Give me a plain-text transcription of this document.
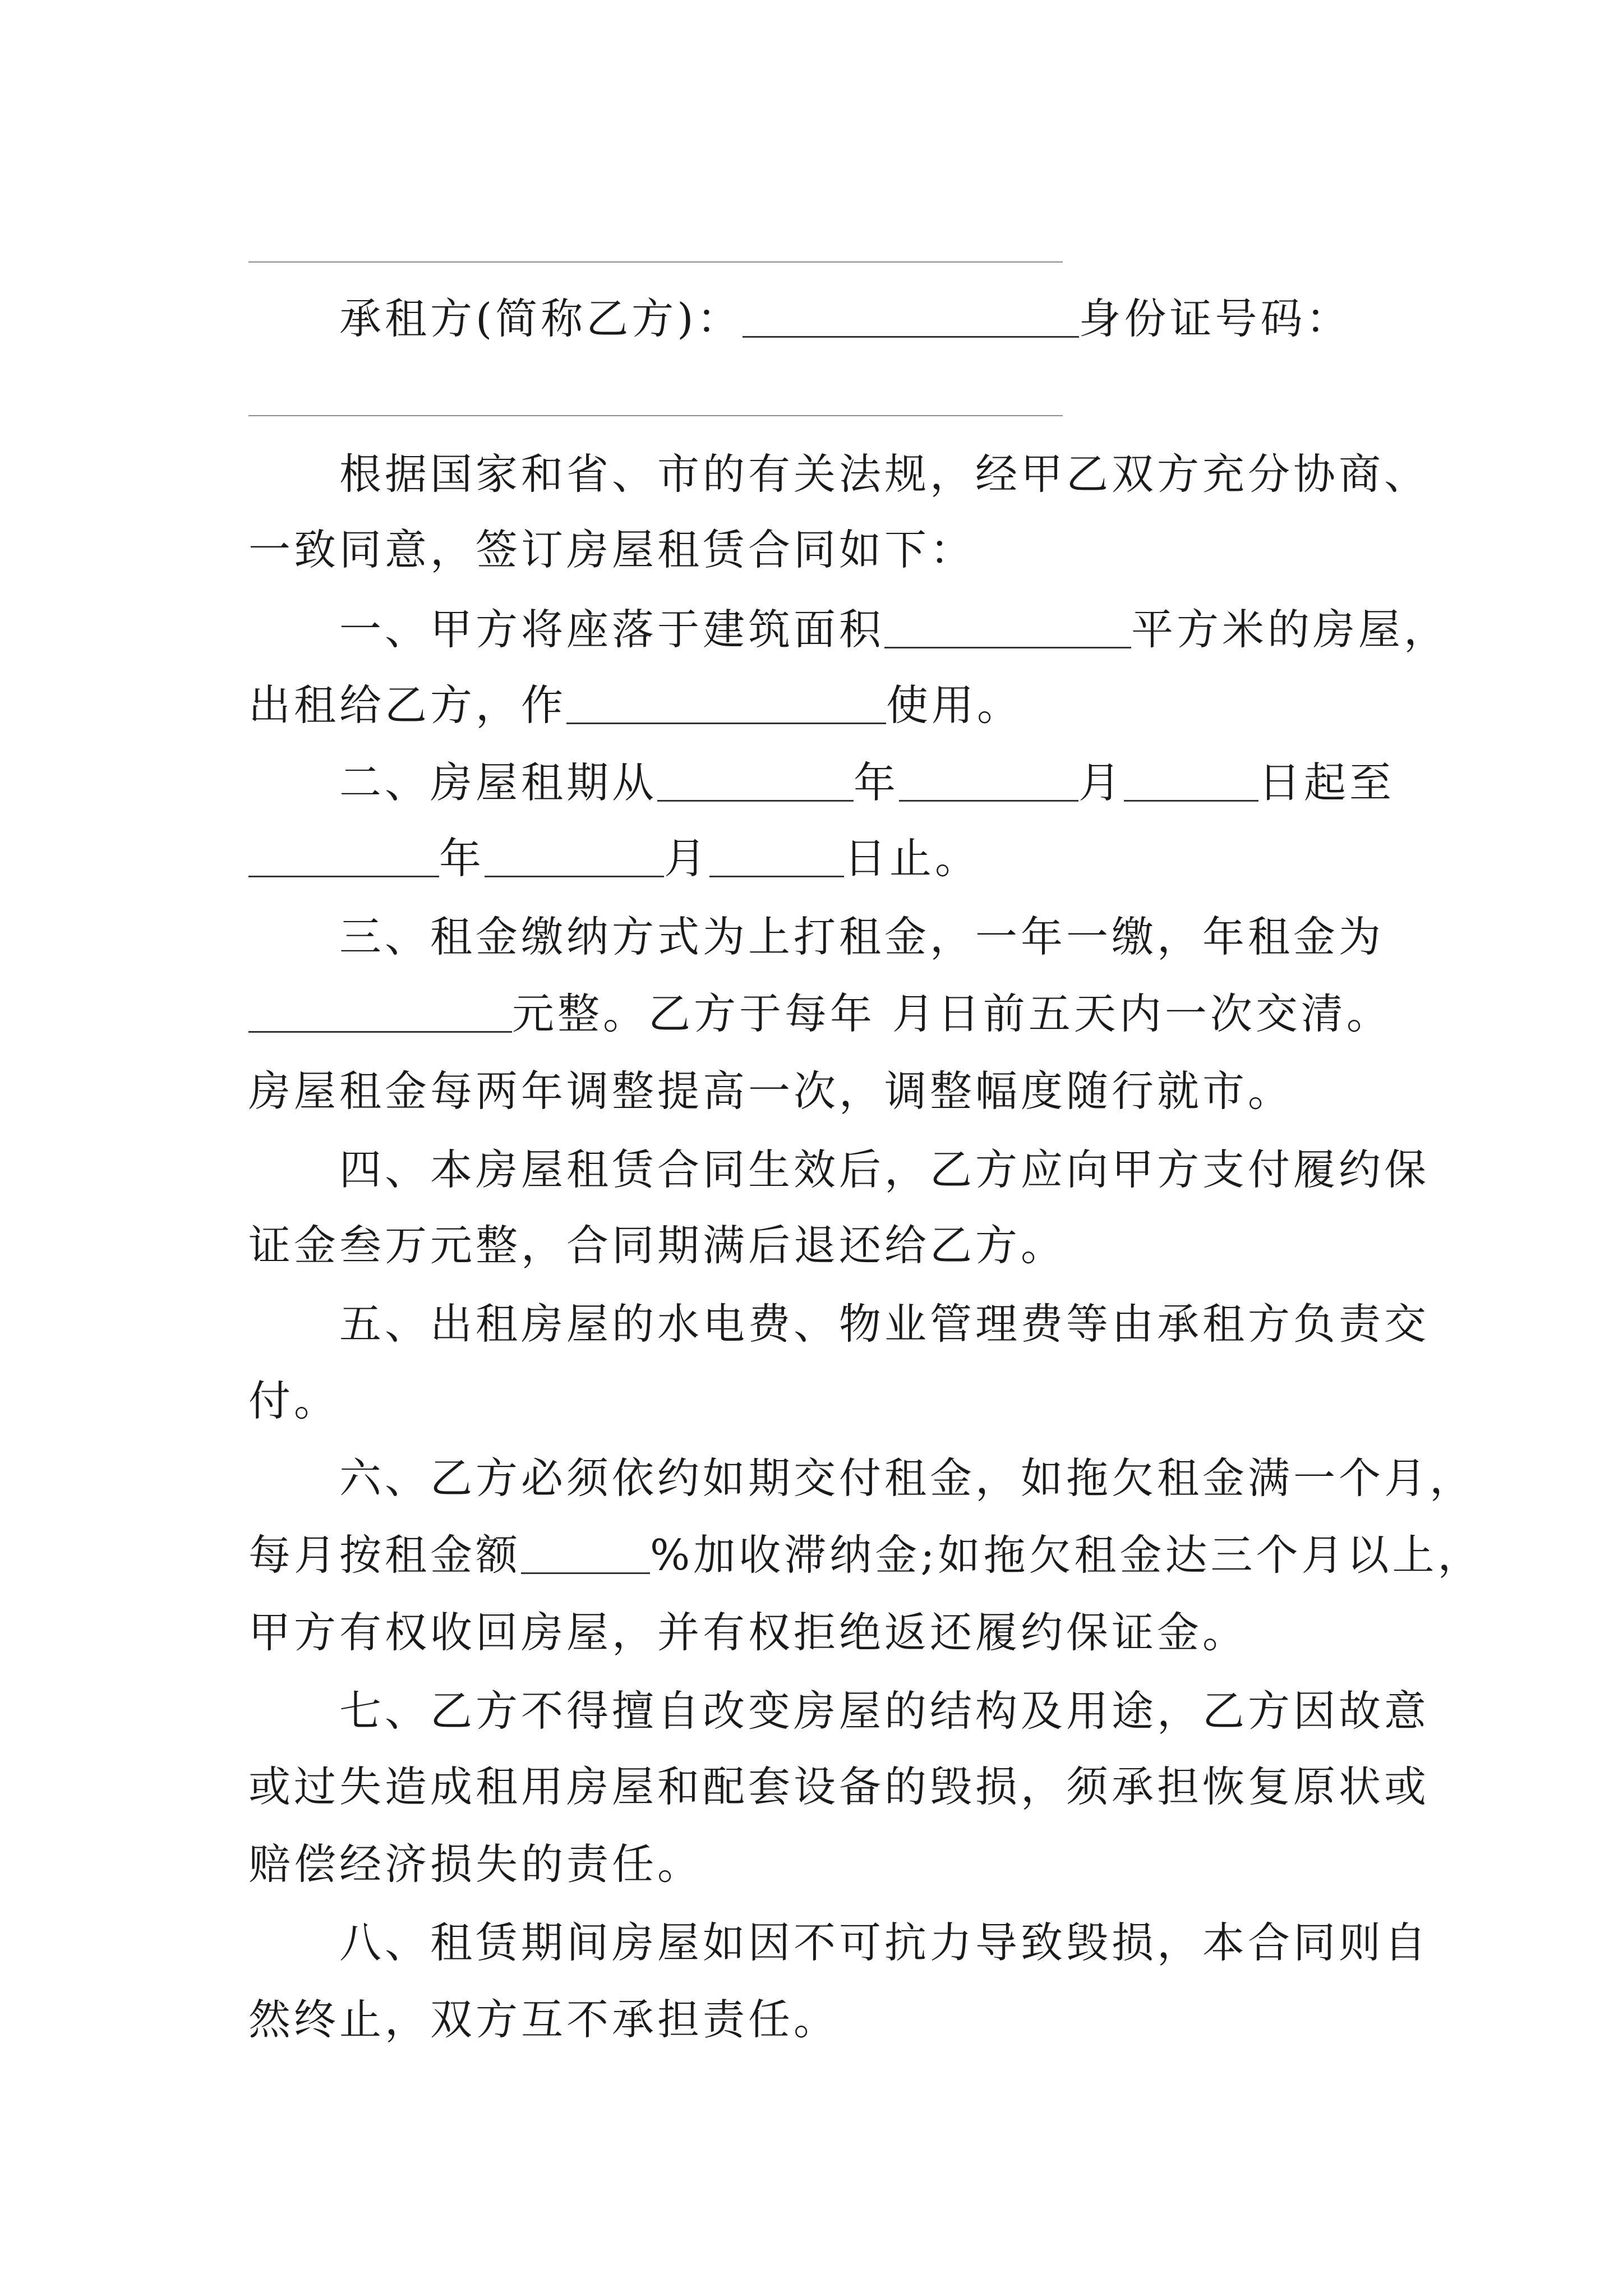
承租方(简称乙方)：	身份证号码：
根据国家和省、市的有关法规，经甲乙双方充分协商、
一致同意，签订房屋租赁合同如下：
一、甲方将座落于建筑面积	平方米的房屋，
出租给乙方，作	使用。
二、房屋租期从	年	月	日起至
年	月	日止。
三、租金缴纳方式为上打租金，一年一缴，年租金为
元整。乙方于每年 月日前五天内一次交清。
房屋租金每两年调整提高一次，调整幅度随行就市。
四、本房屋租赁合同生效后，乙方应向甲方支付履约保
证金叁万元整，合同期满后退还给乙方。
五、出租房屋的水电费、物业管理费等由承租方负责交
付。
六、乙方必须依约如期交付租金，如拖欠租金满一个月，
每月按租金额	%加收滞纳金;如拖欠租金达三个月以上，
甲方有权收回房屋，并有权拒绝返还履约保证金。
七、乙方不得擅自改变房屋的结构及用途，乙方因故意
或过失造成租用房屋和配套设备的毁损，须承担恢复原状或
赔偿经济损失的责任。
八、租赁期间房屋如因不可抗力导致毁损，本合同则自
然终止，双方互不承担责任。
